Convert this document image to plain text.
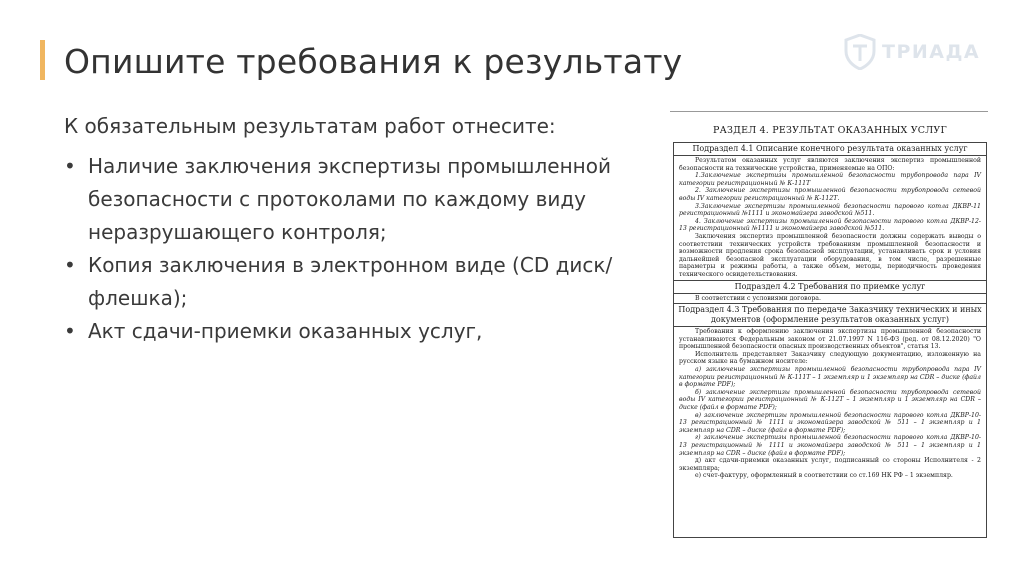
Опишите требования к результату	ТРИАДА
К обязательным результатам работ отнесите:
• Наличие заключения экспертизы промышленной безопасности с протоколами по каждому виду неразрушающего контроля;
• Копия заключения в электронном виде (CD диск/ флешка);
• Акт сдачи-приемки оказанных услуг,
РАЗДЕЛ 4. РЕЗУЛЬТАТ ОКАЗАННЫХ УСЛУГ
Подраздел 4.1 Описание конечного результата оказанных услуг

Результатом оказанных услуг являются заключения экспертиз промышленной безопасности на технические устройства, применяемые на ОПО:

1.Заключение экспертизы промышленной безопасности трубопровода пара IV категории регистрационный № К-111Т

2. Заключение экспертизы промышленной безопасности трубопровода сетевой воды IV категории регистрационный № К-112Т.

3.Заключение экспертизы промышленной безопасности парового котла ДКВР-11 регистрационный №1111 и экономайзера заводской №511.

4. Заключение экспертизы промышленной безопасности парового котла ДКВР-12-13 регистрационный №1111 и экономайзера заводской №511.

Заключения экспертиз промышленной безопасности должны содержать выводы о соответствии технических устройств требованиям промышленной безопасности и возможности продления срока безопасной эксплуатации, устанавливать срок и условия дальнейшей безопасной эксплуатации оборудования, в том числе, разрешенные параметры и режимы работы, а также объем, методы, периодичность проведения технического освидетельствования.

Подраздел 4.2 Требования по приемке услуг

В соответствии с условиями договора.

Подраздел 4.3 Требования по передаче Заказчику технических и иных документов (оформление результатов оказанных услуг)

Требования к оформлению заключения экспертизы промышленной безопасности устанавливаются Федеральным законом от 21.07.1997 N 116-ФЗ (ред. от 08.12.2020) "О промышленной безопасности опасных производственных объектов", статья 13.

Исполнитель представляет Заказчику следующую документацию, изложенную на русском языке на бумажном носителе:

а) заключение экспертизы промышленной безопасности трубопровода пара IV категории регистрационный № К-111Т – 1 экземпляр и 1 экземпляр на CDR – диске (файл в формате PDF);

б) заключение экспертизы промышленной безопасности трубопровода сетевой воды IV категории регистрационный № К-112Т – 1 экземпляр и 1 экземпляр на CDR – диске (файл в формате PDF);

в) заключение экспертизы промышленной безопасности парового котла ДКВР-10-13 регистрационный № 1111 и экономайзера заводской № 511 – 1 экземпляр и 1 экземпляр на CDR – диске (файл в формате PDF);

г) заключение экспертизы промышленной безопасности парового котла ДКВР-10-13 регистрационный № 1111 и экономайзера заводской № 511 – 1 экземпляр и 1 экземпляр на CDR – диске (файл в формате PDF);

д) акт сдачи-приемки оказанных услуг, подписанный со стороны Исполнителя - 2 экземпляра;

е) счет-фактуру, оформленный в соответствии со ст.169 НК РФ – 1 экземпляр.
